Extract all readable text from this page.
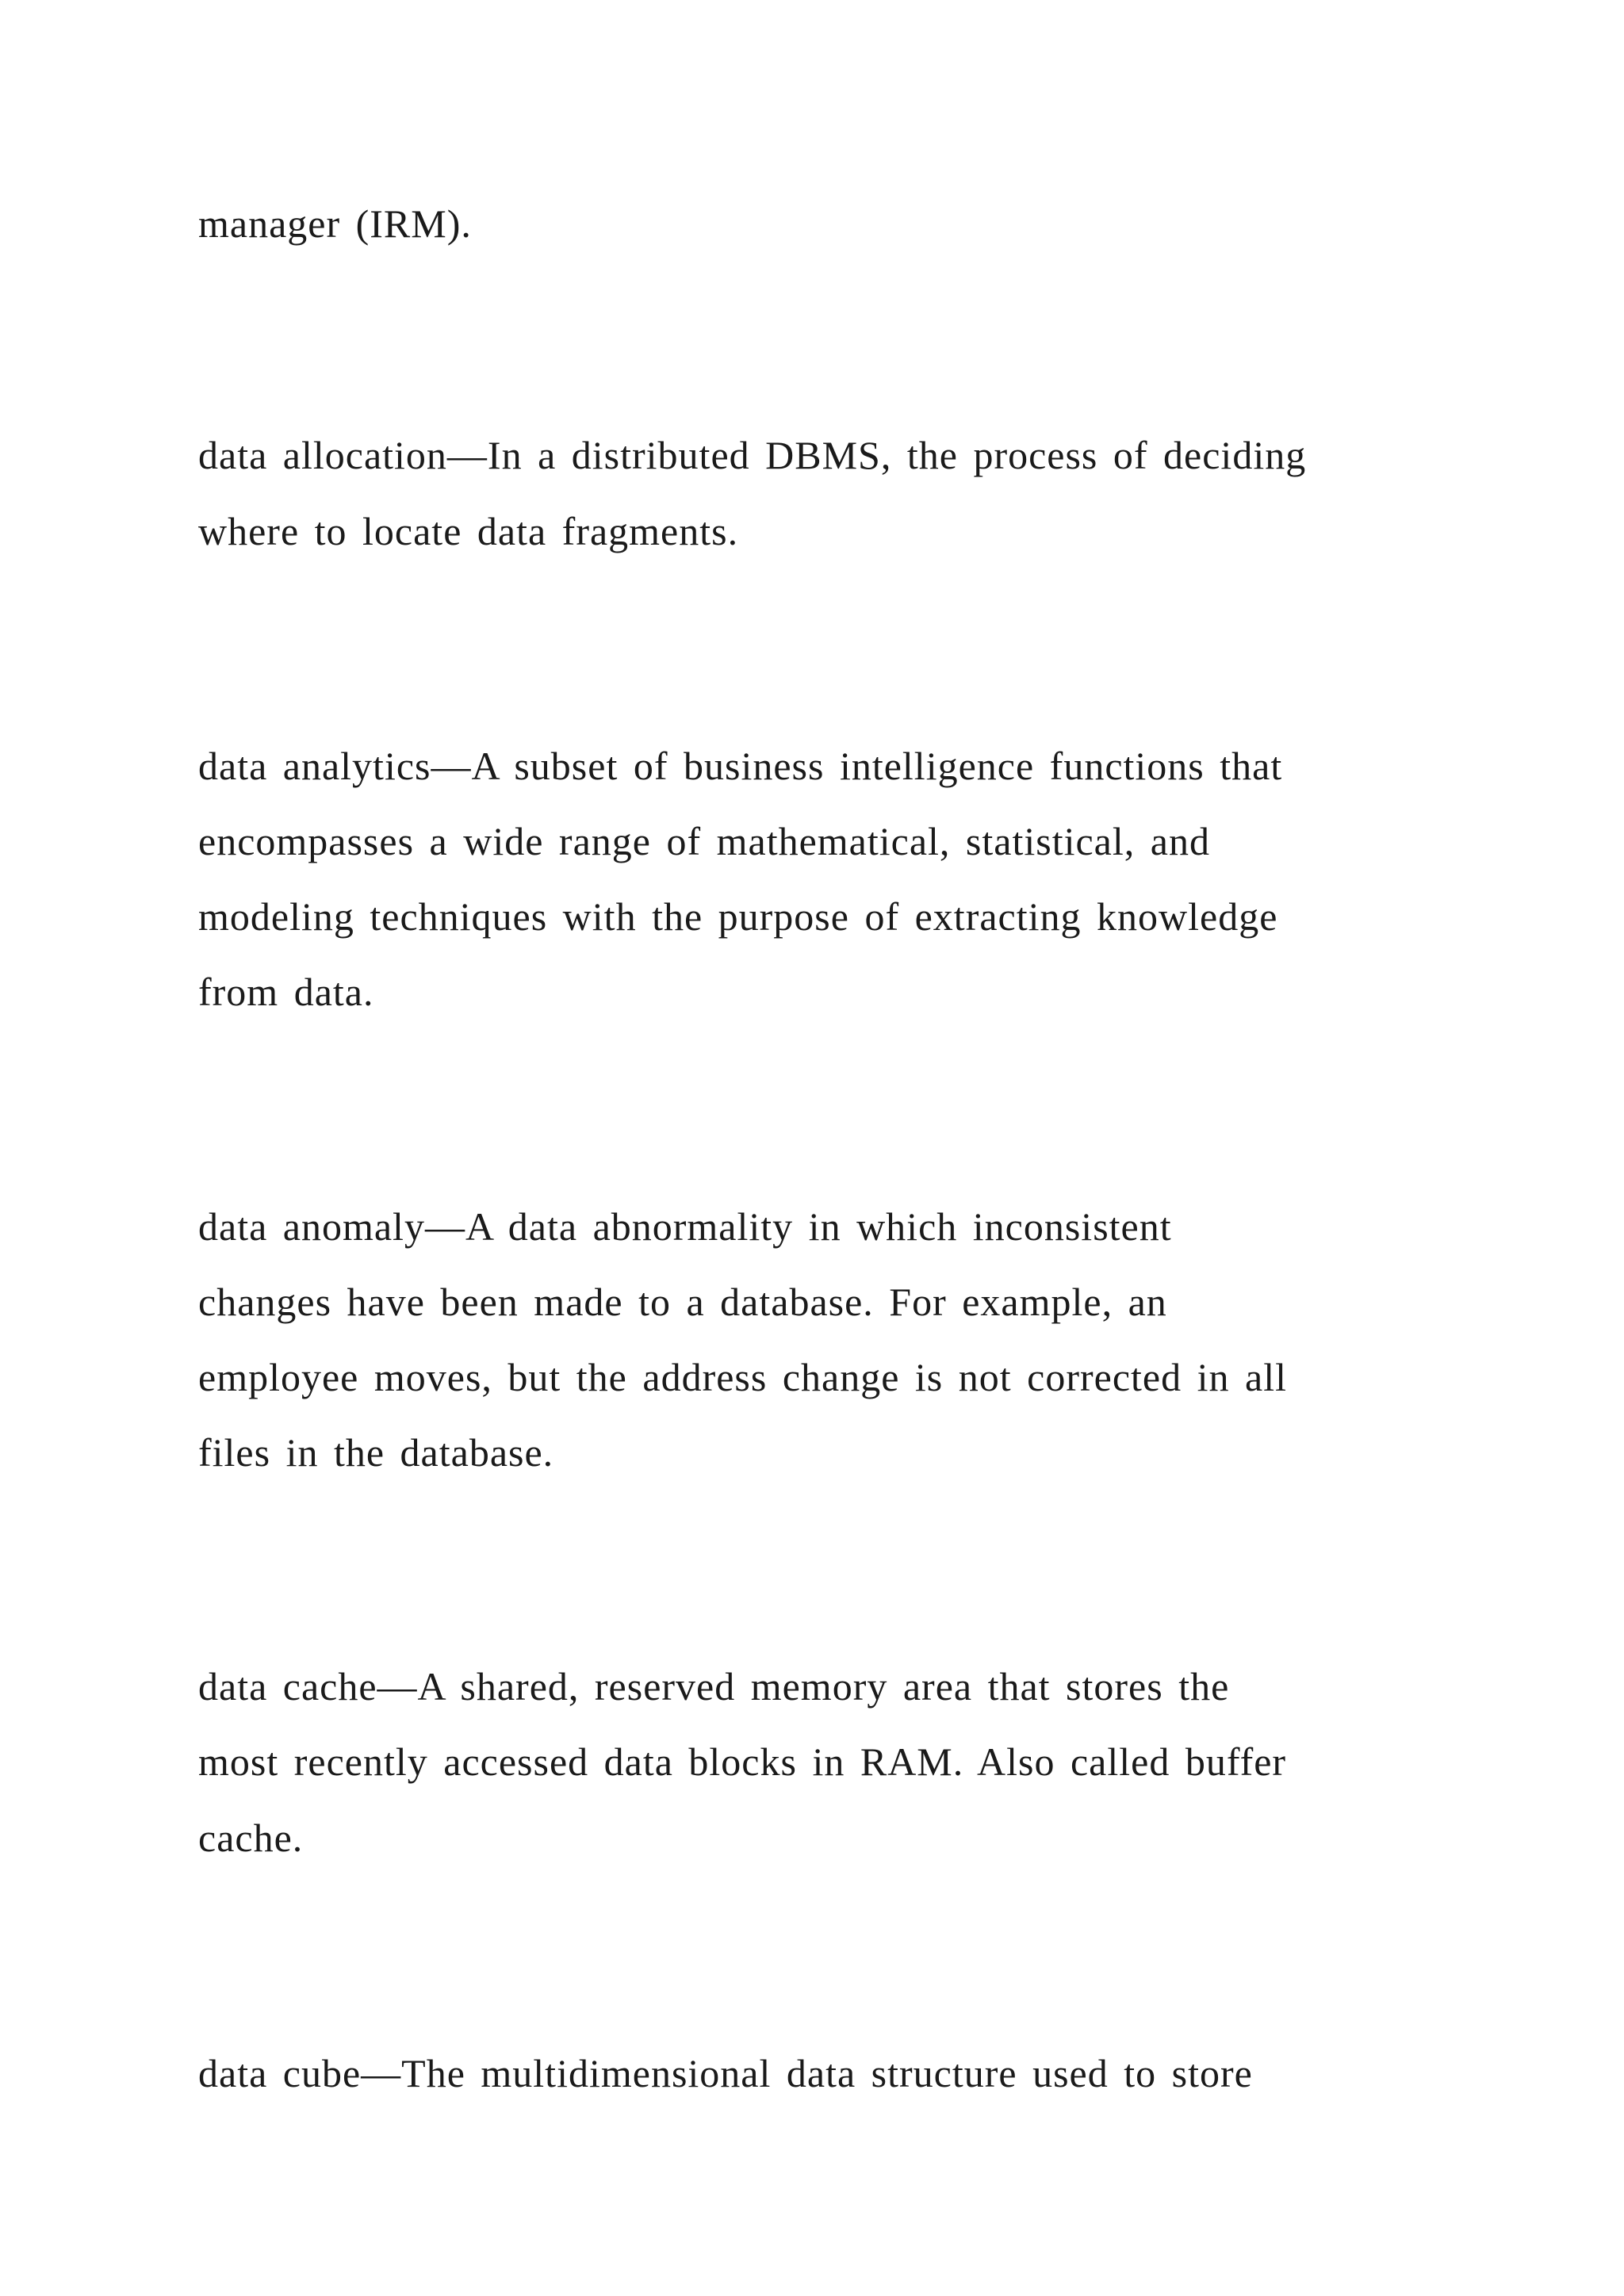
manager (IRM).
data allocation—In a distributed DBMS, the process of deciding
where to locate data fragments.
data analytics—A subset of business intelligence functions that
encompasses a wide range of mathematical, statistical, and
modeling techniques with the purpose of extracting knowledge
from data.
data anomaly—A data abnormality in which inconsistent
changes have been made to a database. For example, an
employee moves, but the address change is not corrected in all
files in the database.
data cache—A shared, reserved memory area that stores the
most recently accessed data blocks in RAM. Also called buffer
cache.
data cube—The multidimensional data structure used to store
